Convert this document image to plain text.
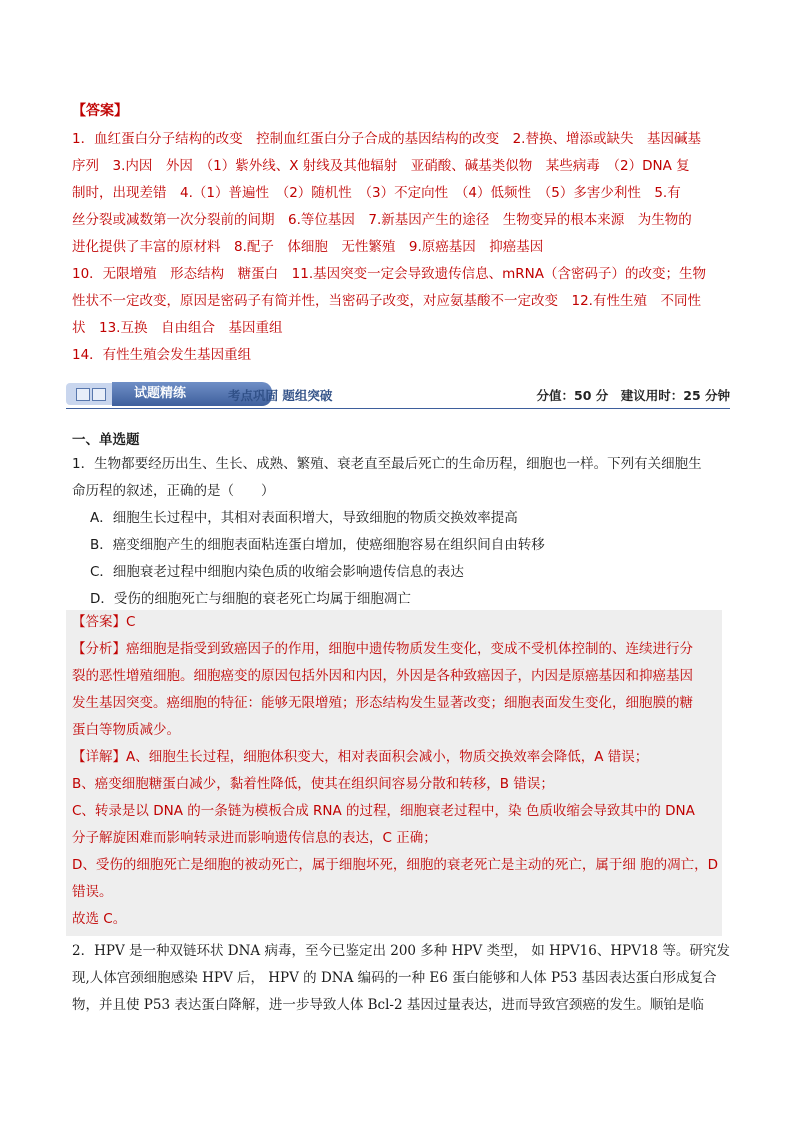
【答案】

1．血红蛋白分子结构的改变　控制血红蛋白分子合成的基因结构的改变　2.替换、增添或缺失　基因碱基

序列　3.内因　外因　（1）紫外线、X 射线及其他辐射　亚硝酸、碱基类似物　某些病毒　（2）DNA 复

制时，出现差错　4.（1）普遍性　（2）随机性　（3）不定向性　（4）低频性　（5）多害少利性　5.有

丝分裂或减数第一次分裂前的间期　6.等位基因　7.新基因产生的途径　生物变异的根本来源　为生物的

进化提供了丰富的原材料　8.配子　体细胞　无性繁殖　9.原癌基因　抑癌基因

10．无限增殖　形态结构　糖蛋白　11.基因突变一定会导致遗传信息、mRNA（含密码子）的改变；生物

性状不一定改变，原因是密码子有简并性，当密码子改变，对应氨基酸不一定改变　12.有性生殖　不同性

状　13.互换　自由组合　基因重组

14．有性生殖会发生基因重组

试题精练	考点巩固 题组突破	分值：50 分　建议用时：25 分钟
一、单选题

1．生物都要经历出生、生长、成熟、繁殖、衰老直至最后死亡的生命历程，细胞也一样。下列有关细胞生

命历程的叙述，正确的是（　　）

A．细胞生长过程中，其相对表面积增大，导致细胞的物质交换效率提高

B．癌变细胞产生的细胞表面粘连蛋白增加，使癌细胞容易在组织间自由转移

C．细胞衰老过程中细胞内染色质的收缩会影响遗传信息的表达

D．受伤的细胞死亡与细胞的衰老死亡均属于细胞凋亡

【答案】C

【分析】癌细胞是指受到致癌因子的作用，细胞中遗传物质发生变化，变成不受机体控制的、连续进行分

裂的恶性增殖细胞。细胞癌变的原因包括外因和内因，外因是各种致癌因子，内因是原癌基因和抑癌基因

发生基因突变。癌细胞的特征：能够无限增殖；形态结构发生显著改变；细胞表面发生变化，细胞膜的糖

蛋白等物质减少。

【详解】A、细胞生长过程，细胞体积变大，相对表面积会减小，物质交换效率会降低，A 错误；

B、癌变细胞糖蛋白减少，黏着性降低，使其在组织间容易分散和转移，B 错误；

C、转录是以 DNA 的一条链为模板合成 RNA 的过程，细胞衰老过程中，染 色质收缩会导致其中的 DNA

分子解旋困难而影响转录进而影响遗传信息的表达，C 正确；

D、受伤的细胞死亡是细胞的被动死亡，属于细胞坏死，细胞的衰老死亡是主动的死亡，属于细 胞的凋亡，D

错误。

故选 C。

2．HPV 是一种双链环状 DNA 病毒，至今已鉴定出 200 多种 HPV 类型， 如 HPV16、HPV18 等。研究发

现,人体宫颈细胞感染 HPV 后， HPV 的 DNA 编码的一种 E6 蛋白能够和人体 P53 基因表达蛋白形成复合

物，并且使 P53 表达蛋白降解，进一步导致人体 Bcl-2 基因过量表达，进而导致宫颈癌的发生。顺铂是临
